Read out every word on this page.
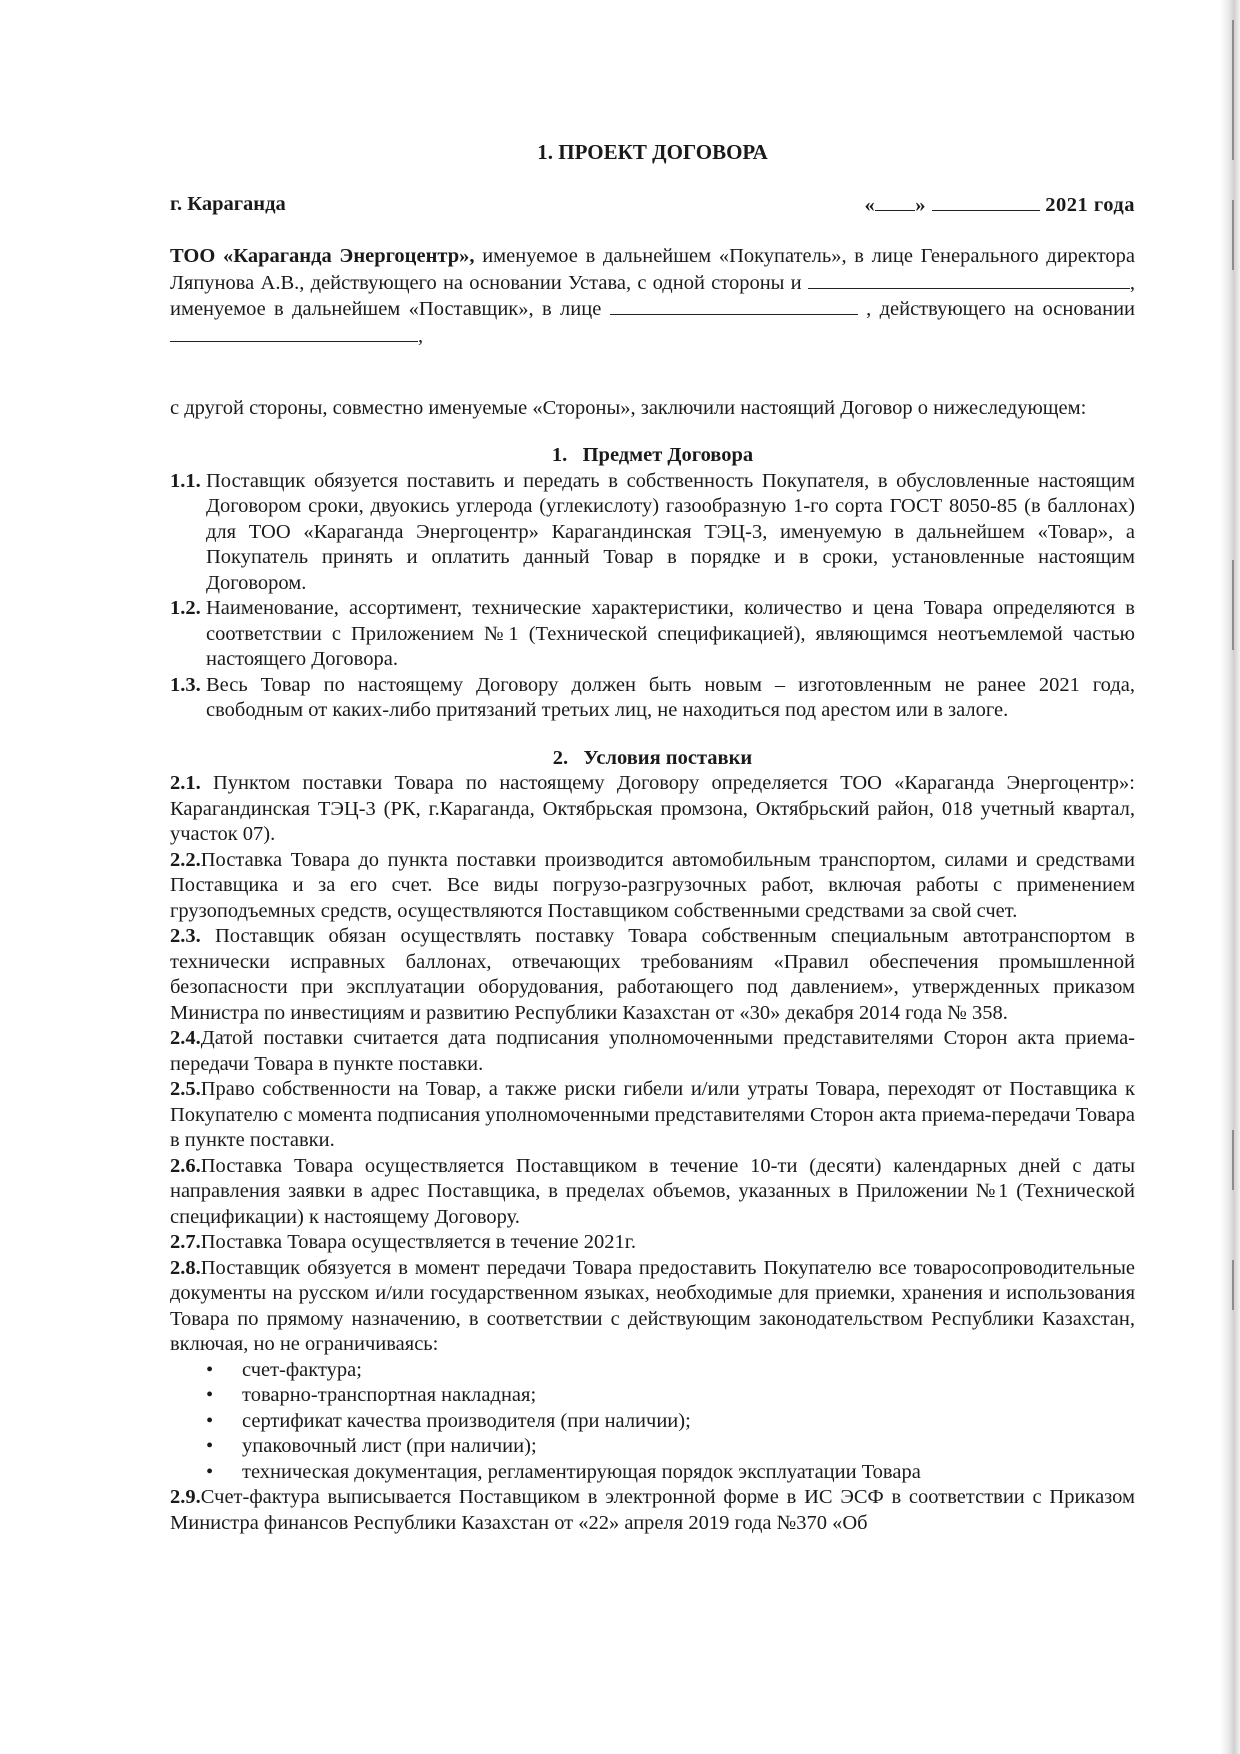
1. ПРОЕКТ ДОГОВОРА
г. Караганда	« »	2021 года
ТОО «Караганда Энергоцентр», именуемое в дальнейшем «Покупатель», в лице Генерального директора Ляпунова А.В., действующего на основании Устава, с одной стороны и	, именуемое в дальнейшем «Поставщик», в лице	, действующего на основании ,

с другой стороны, совместно именуемые «Стороны», заключили настоящий Договор о нижеследующем:

1.   Предмет Договора
1.1. Поставщик обязуется поставить и передать в собственность Покупателя, в обусловленные настоящим Договором сроки, двуокись углерода (углекислоту) газообразную 1-го сорта ГОСТ 8050-85 (в баллонах) для ТОО «Караганда Энергоцентр» Карагандинская ТЭЦ-3, именуемую в дальнейшем «Товар», а Покупатель принять и оплатить данный Товар в порядке и в сроки, установленные настоящим Договором.
1.2. Наименование, ассортимент, технические характеристики, количество и цена Товара определяются в соответствии с Приложением №1 (Технической спецификацией), являющимся неотъемлемой частью настоящего Договора.
1.3. Весь Товар по настоящему Договору должен быть новым – изготовленным не ранее 2021 года, свободным от каких-либо притязаний третьих лиц, не находиться под арестом или в залоге.
2.   Условия поставки

2.1. Пунктом поставки Товара по настоящему Договору определяется ТОО «Караганда Энергоцентр»: Карагандинская ТЭЦ-3 (РК, г.Караганда, Октябрьская промзона, Октябрьский район, 018 учетный квартал, участок 07).

2.2.Поставка Товара до пункта поставки производится автомобильным транспортом, силами и средствами Поставщика и за его счет. Все виды погрузо-разгрузочных работ, включая работы с применением грузоподъемных средств, осуществляются Поставщиком собственными средствами за свой счет.

2.3. Поставщик обязан осуществлять поставку Товара собственным специальным автотранспортом в технически исправных баллонах, отвечающих требованиям «Правил обеспечения промышленной безопасности при эксплуатации оборудования, работающего под давлением», утвержденных приказом Министра по инвестициям и развитию Республики Казахстан от «30» декабря 2014 года № 358.

2.4.Датой поставки считается дата подписания уполномоченными представителями Сторон акта приема-передачи Товара в пункте поставки.

2.5.Право собственности на Товар, а также риски гибели и/или утраты Товара, переходят от Поставщика к Покупателю с момента подписания уполномоченными представителями Сторон акта приема-передачи Товара в пункте поставки.

2.6.Поставка Товара осуществляется Поставщиком в течение 10-ти (десяти) календарных дней с даты направления заявки в адрес Поставщика, в пределах объемов, указанных в Приложении №1 (Технической спецификации) к настоящему Договору.

2.7.Поставка Товара осуществляется в течение 2021г.

2.8.Поставщик обязуется в момент передачи Товара предоставить Покупателю все товаросопроводительные документы на русском и/или государственном языках, необходимые для приемки, хранения и использования Товара по прямому назначению, в соответствии с действующим законодательством Республики Казахстан, включая, но не ограничиваясь:

•	счет-фактура;
•	товарно-транспортная накладная;
•	сертификат качества производителя (при наличии);
•	упаковочный лист (при наличии);
•	техническая документация, регламентирующая порядок эксплуатации Товара

2.9.Счет-фактура выписывается Поставщиком в электронной форме в ИС ЭСФ в соответствии с Приказом Министра финансов Республики Казахстан от «22» апреля 2019 года №370 «Об
